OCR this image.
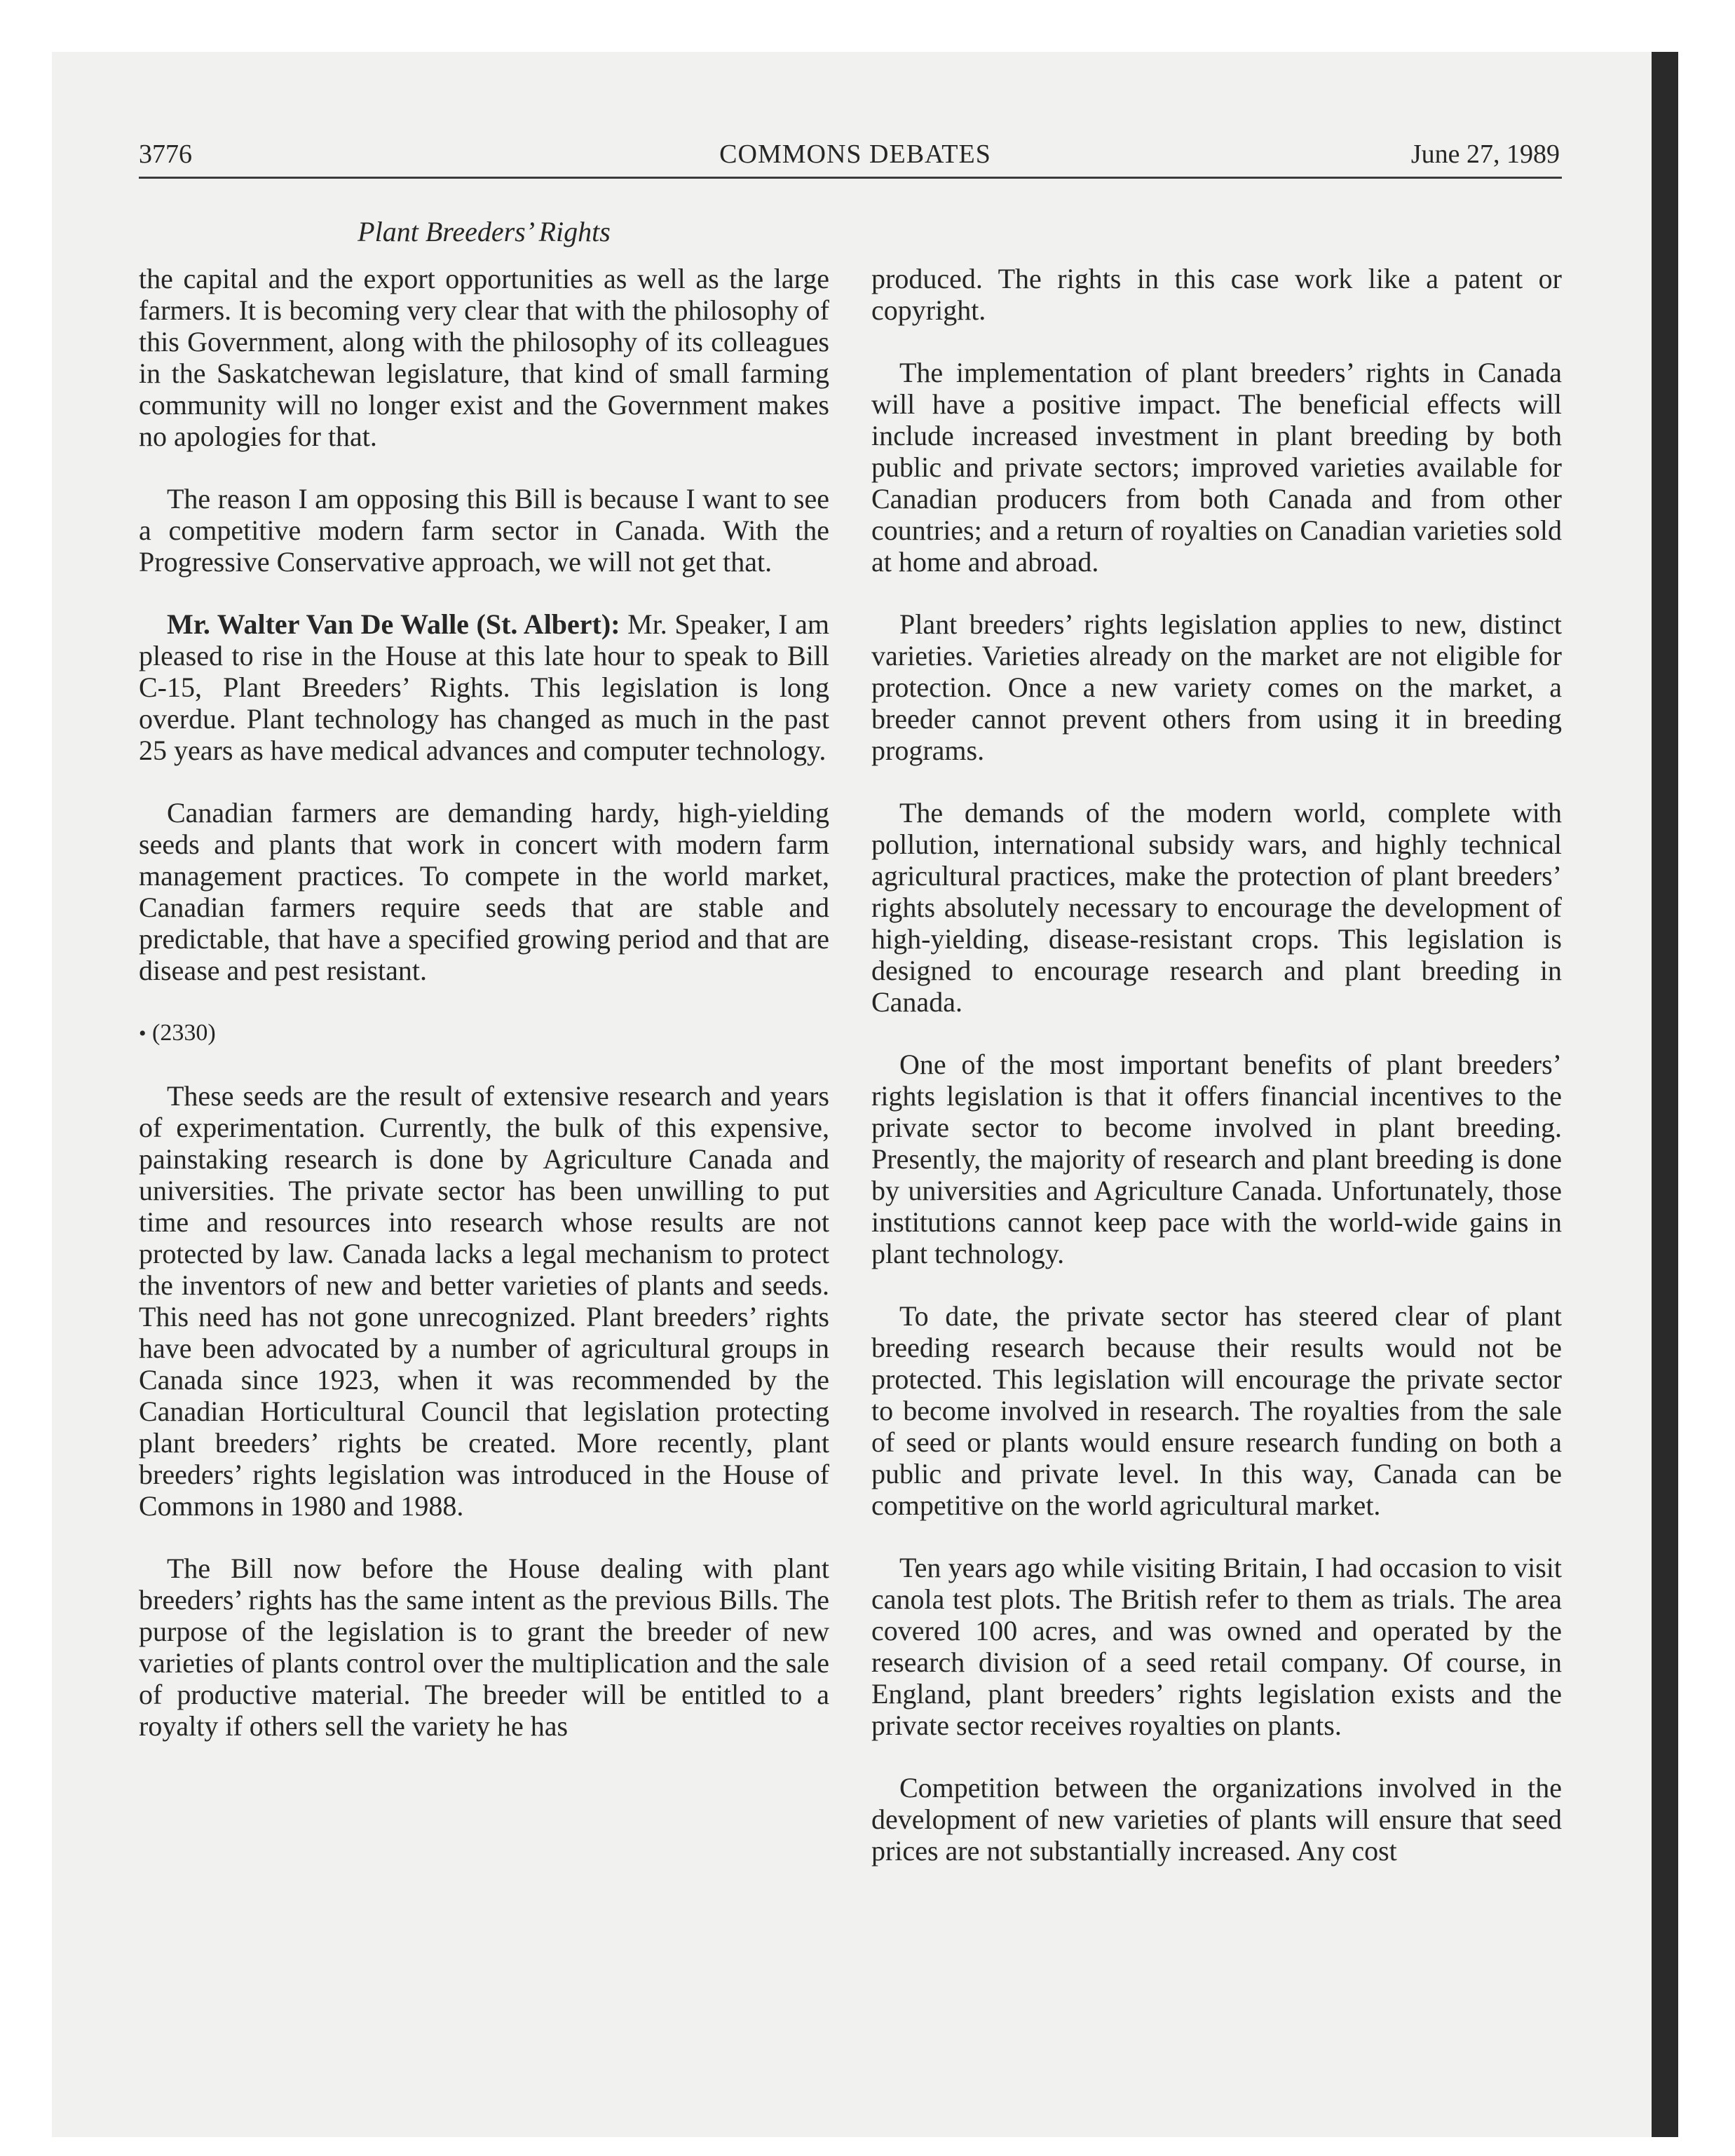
3776	COMMONS DEBATES	June 27, 1989
Plant Breeders’ Rights

the capital and the export opportunities as well as the large farmers. It is becoming very clear that with the philosophy of this Government, along with the philosophy of its colleagues in the Saskatchewan legislature, that kind of small farming community will no longer exist and the Government makes no apologies for that.

The reason I am opposing this Bill is because I want to see a competitive modern farm sector in Canada. With the Progressive Conservative approach, we will not get that.

Mr. Walter Van De Walle (St. Albert): Mr. Speaker, I am pleased to rise in the House at this late hour to speak to Bill C-15, Plant Breeders’ Rights. This legislation is long overdue. Plant technology has changed as much in the past 25 years as have medical advances and computer technology.

Canadian farmers are demanding hardy, high-yielding seeds and plants that work in concert with modern farm management practices. To compete in the world market, Canadian farmers require seeds that are stable and predictable, that have a specified growing period and that are disease and pest resistant.

• (2330)

These seeds are the result of extensive research and years of experimentation. Currently, the bulk of this expensive, painstaking research is done by Agriculture Canada and universities. The private sector has been unwilling to put time and resources into research whose results are not protected by law. Canada lacks a legal mechanism to protect the inventors of new and better varieties of plants and seeds. This need has not gone unrecognized. Plant breeders’ rights have been advocated by a number of agricultural groups in Canada since 1923, when it was recommended by the Canadian Horticultural Council that legislation protecting plant breeders’ rights be created. More recently, plant breeders’ rights legislation was introduced in the House of Commons in 1980 and 1988.

The Bill now before the House dealing with plant breeders’ rights has the same intent as the previous Bills. The purpose of the legislation is to grant the breeder of new varieties of plants control over the multiplication and the sale of productive material. The breeder will be entitled to a royalty if others sell the variety he has

produced. The rights in this case work like a patent or copyright.

The implementation of plant breeders’ rights in Canada will have a positive impact. The beneficial effects will include increased investment in plant breeding by both public and private sectors; improved varieties available for Canadian producers from both Canada and from other countries; and a return of royalties on Canadian varieties sold at home and abroad.

Plant breeders’ rights legislation applies to new, distinct varieties. Varieties already on the market are not eligible for protection. Once a new variety comes on the market, a breeder cannot prevent others from using it in breeding programs.

The demands of the modern world, complete with pollution, international subsidy wars, and highly technical agricultural practices, make the protection of plant breeders’ rights absolutely necessary to encourage the development of high-yielding, disease-resistant crops. This legislation is designed to encourage research and plant breeding in Canada.

One of the most important benefits of plant breeders’ rights legislation is that it offers financial incentives to the private sector to become involved in plant breeding. Presently, the majority of research and plant breeding is done by universities and Agriculture Canada. Unfortunately, those institutions cannot keep pace with the world-wide gains in plant technology.

To date, the private sector has steered clear of plant breeding research because their results would not be protected. This legislation will encourage the private sector to become involved in research. The royalties from the sale of seed or plants would ensure research funding on both a public and private level. In this way, Canada can be competitive on the world agricultural market.

Ten years ago while visiting Britain, I had occasion to visit canola test plots. The British refer to them as trials. The area covered 100 acres, and was owned and operated by the research division of a seed retail company. Of course, in England, plant breeders’ rights legislation exists and the private sector receives royalties on plants.

Competition between the organizations involved in the development of new varieties of plants will ensure that seed prices are not substantially increased. Any cost
